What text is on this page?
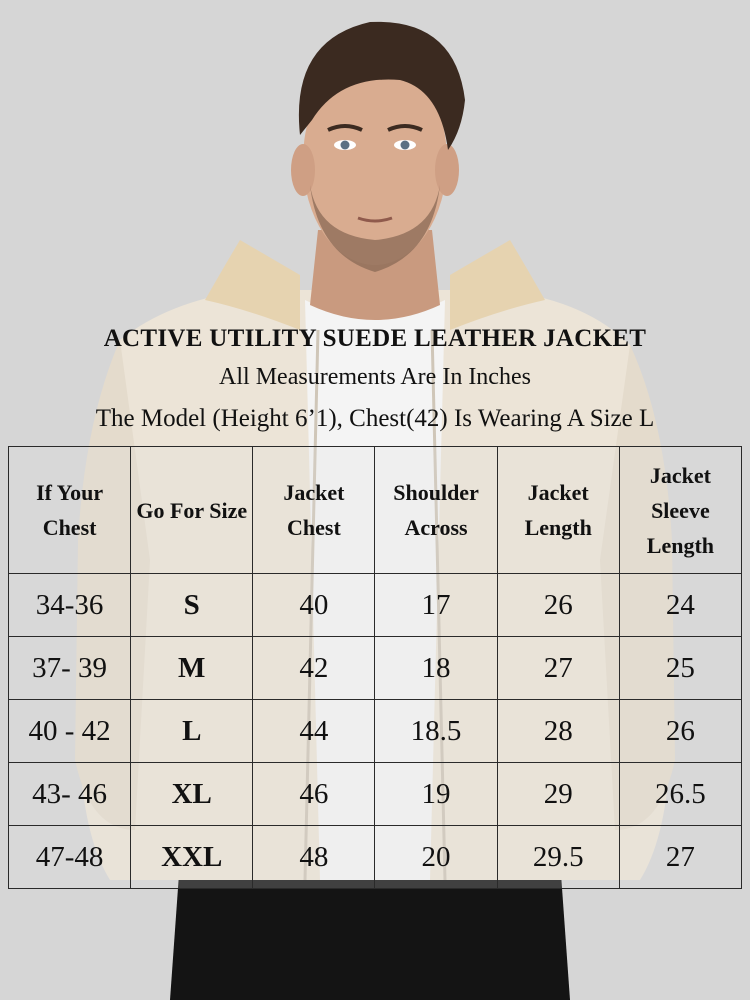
ACTIVE UTILITY SUEDE LEATHER JACKET
All Measurements Are In Inches
The Model (Height 6’1), Chest(42) Is Wearing A Size L
If Your Chest	Go For Size	Jacket Chest	Shoulder Across	Jacket Length	Jacket Sleeve Length
34-36	S	40	17	26	24
37- 39	M	42	18	27	25
40 - 42	L	44	18.5	28	26
43- 46	XL	46	19	29	26.5
47-48	XXL	48	20	29.5	27
